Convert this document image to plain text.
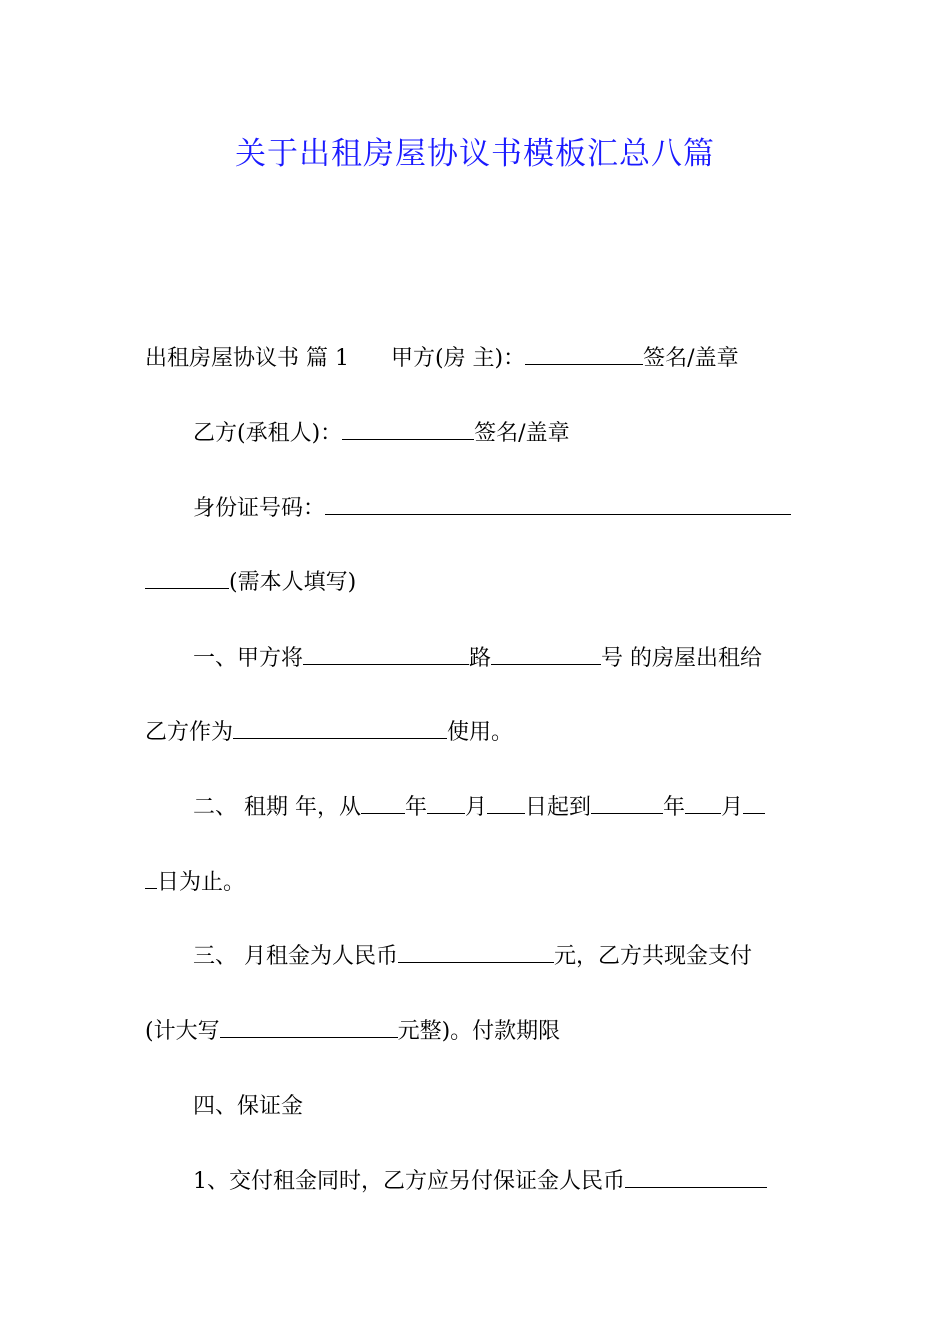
关于出租房屋协议书模板汇总八篇
出租房屋协议书 篇 1 甲方(房 主)：	签名/盖章
乙方(承租人)：	签名/盖章
身份证号码：
(需本人填写)
一、甲方将	路	号 的房屋出租给
乙方作为	使用。
二、 租期 年，从 年 月 日起到	年 月
日为止。
三、 月租金为人民币	元，乙方共现金支付
(计大写	元整)。付款期限
四、保证金
1、交付租金同时，乙方应另付保证金人民币
